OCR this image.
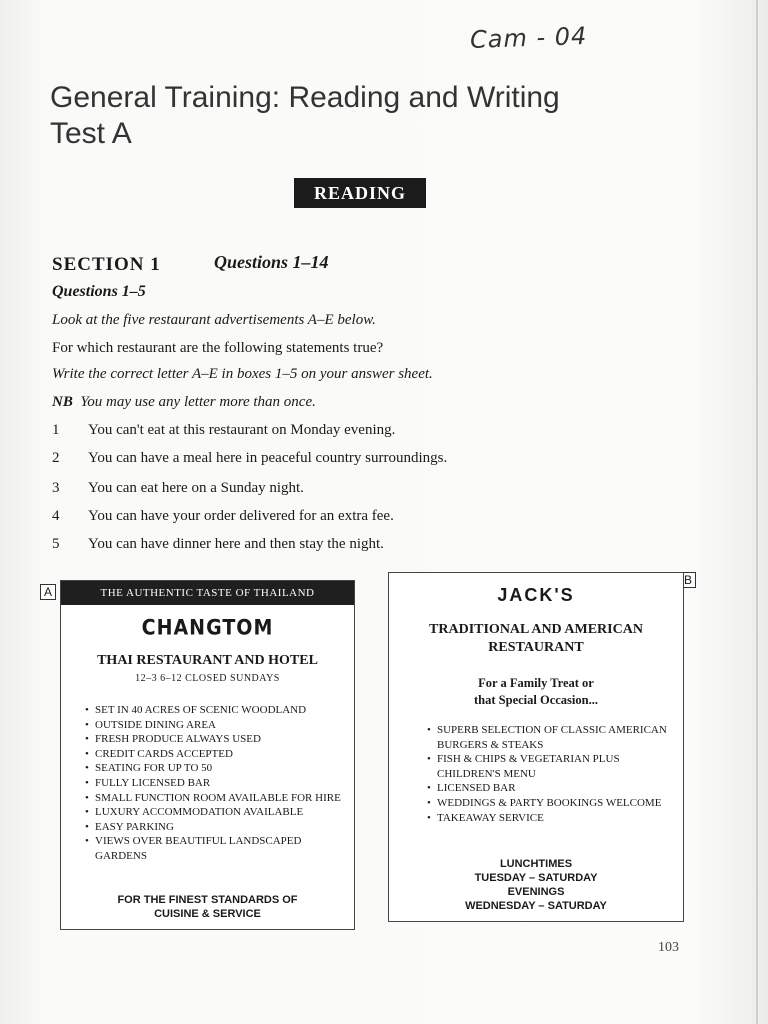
Cam - 04
General Training: Reading and Writing
Test A
READING
SECTION 1	Questions 1–14
Questions 1–5
Look at the five restaurant advertisements A–E below.
For which restaurant are the following statements true?
Write the correct letter A–E in boxes 1–5 on your answer sheet.
NB You may use any letter more than once.
1 You can't eat at this restaurant on Monday evening.
2 You can have a meal here in peaceful country surroundings.
3 You can eat here on a Sunday night.
4 You can have your order delivered for an extra fee.
5 You can have dinner here and then stay the night.
A	THE AUTHENTIC TASTE OF THAILAND
CHANGTOM
THAI RESTAURANT AND HOTEL
12–3 6–12 CLOSED SUNDAYS
• SET IN 40 ACRES OF SCENIC WOODLAND
• OUTSIDE DINING AREA
• FRESH PRODUCE ALWAYS USED
• CREDIT CARDS ACCEPTED
• SEATING FOR UP TO 50
• FULLY LICENSED BAR
• SMALL FUNCTION ROOM AVAILABLE FOR HIRE
• LUXURY ACCOMMODATION AVAILABLE
• EASY PARKING
• VIEWS OVER BEAUTIFUL LANDSCAPED GARDENS
FOR THE FINEST STANDARDS OF
CUISINE & SERVICE
B
JACK'S
TRADITIONAL AND AMERICAN
RESTAURANT
For a Family Treat or
that Special Occasion...
• SUPERB SELECTION OF CLASSIC AMERICAN BURGERS & STEAKS
• FISH & CHIPS & VEGETARIAN PLUS CHILDREN'S MENU
• LICENSED BAR
• WEDDINGS & PARTY BOOKINGS WELCOME
• TAKEAWAY SERVICE
LUNCHTIMES
TUESDAY – SATURDAY
EVENINGS
WEDNESDAY – SATURDAY
103
